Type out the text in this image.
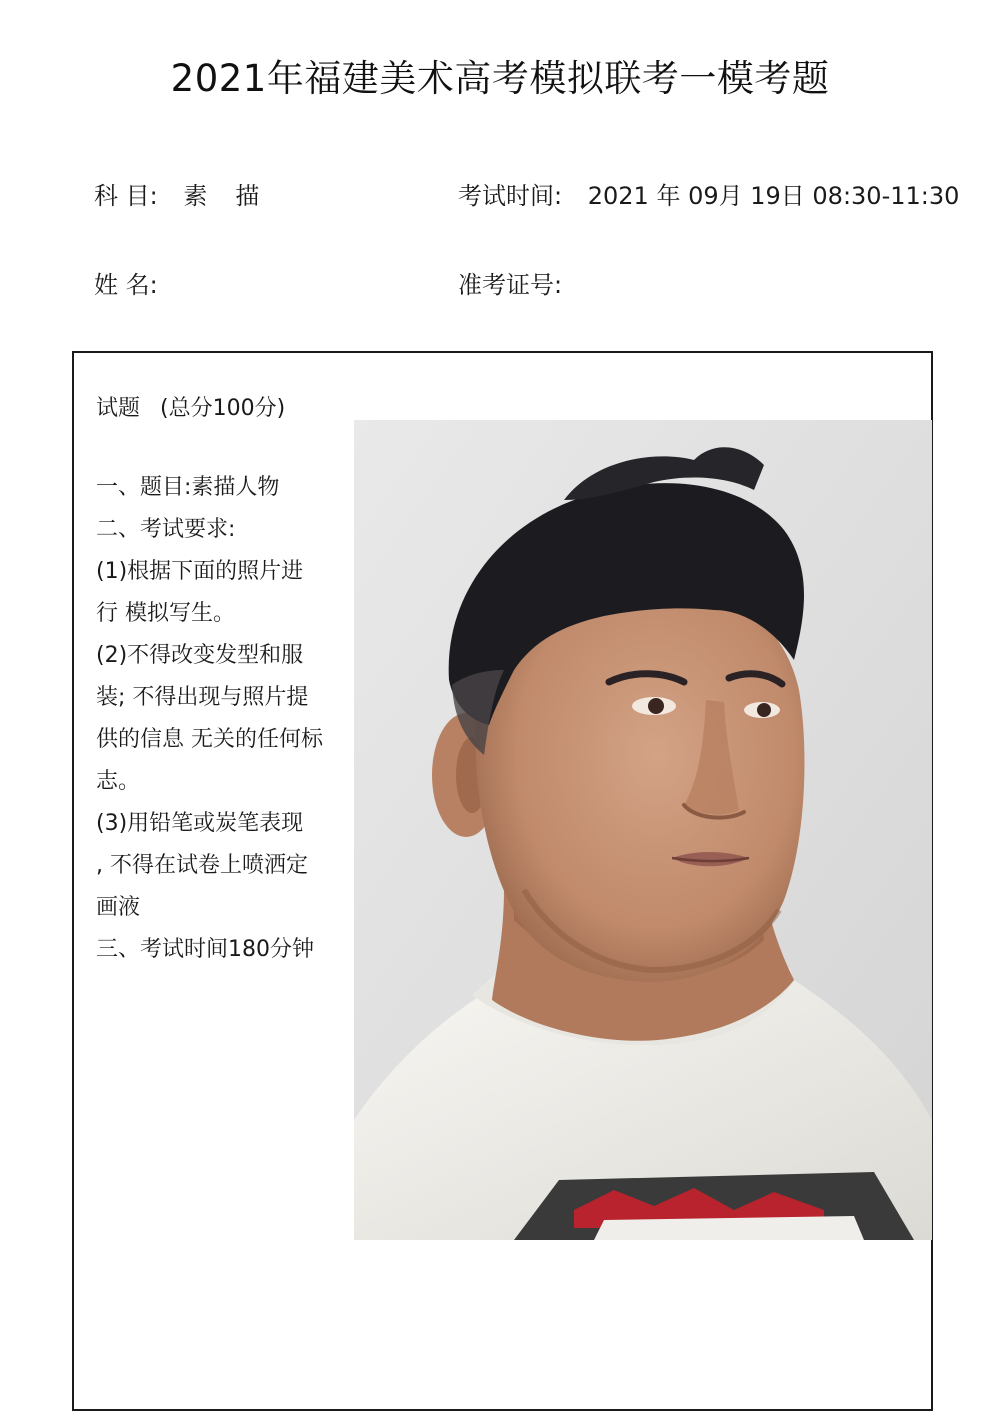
2021年福建美术高考模拟联考一模考题
科 目: 素描	考试时间: 2021 年 09月 19日 08:30-11:30
姓 名:	准考证号:
试题 (总分100分)
一、题目:素描人物
二、考试要求:
(1)根据下面的照片进
行 模拟写生。
(2)不得改变发型和服
装; 不得出现与照片提
供的信息 无关的任何标
志。
(3)用铅笔或炭笔表现
, 不得在试卷上喷洒定
画液
三、考试时间180分钟
